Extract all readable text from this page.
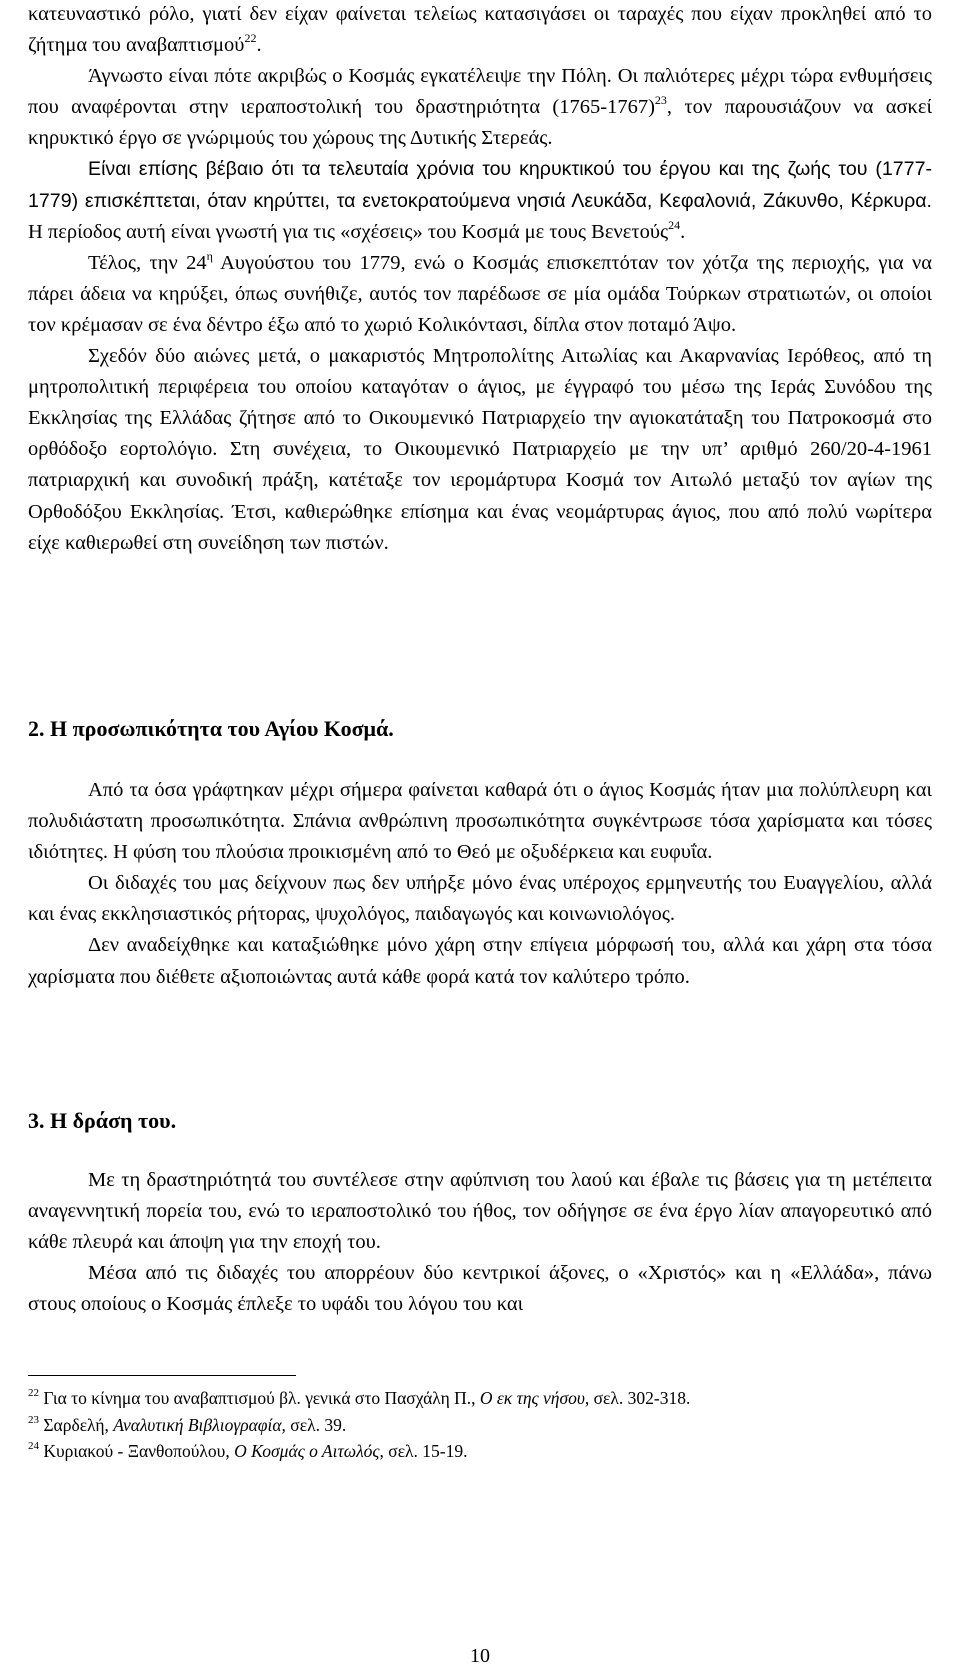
κατευναστικό ρόλο, γιατί δεν είχαν φαίνεται τελείως κατασιγάσει οι ταραχές που είχαν προκληθεί από το ζήτημα του αναβαπτισμού$^{22}$.

Άγνωστο είναι πότε ακριβώς ο Κοσμάς εγκατέλειψε την Πόλη. Οι παλιότερες μέχρι τώρα ενθυμήσεις που αναφέρονται στην ιεραποστολική του δραστηριότητα (1765-1767)$^{23}$, τον παρουσιάζουν να ασκεί κηρυκτικό έργο σε γνώριμούς του χώρους της Δυτικής Στερεάς.

Είναι επίσης βέβαιο ότι τα τελευταία χρόνια του κηρυκτικού του έργου και της ζωής του (1777-1779) επισκέπτεται, όταν κηρύττει, τα ενετοκρατούμενα νησιά Λευκάδα, Κεφαλονιά, Ζάκυνθο, Κέρκυρα. Η περίοδος αυτή είναι γνωστή για τις «σχέσεις» του Κοσμά με τους Βενετούς$^{24}$.

Τέλος, την $24^\eta$ Αυγούστου του 1779, ενώ ο Κοσμάς επισκεπτόταν τον χότζα της περιοχής, για να πάρει άδεια να κηρύξει, όπως συνήθιζε, αυτός τον παρέδωσε σε μία ομάδα Τούρκων στρατιωτών, οι οποίοι τον κρέμασαν σε ένα δέντρο έξω από το χωριό Κολικόντασι, δίπλα στον ποταμό Άψο.

Σχεδόν δύο αιώνες μετά, ο μακαριστός Μητροπολίτης Αιτωλίας και Ακαρνανίας Ιερόθεος, από τη μητροπολιτική περιφέρεια του οποίου καταγόταν ο άγιος, με έγγραφό του μέσω της Ιεράς Συνόδου της Εκκλησίας της Ελλάδας ζήτησε από το Οικουμενικό Πατριαρχείο την αγιοκατάταξη του Πατροκοσμά στο ορθόδοξο εορτολόγιο. Στη συνέχεια, το Οικουμενικό Πατριαρχείο με την υπ’ αριθμό 260/20-4-1961 πατριαρχική και συνοδική πράξη, κατέταξε τον ιερομάρτυρα Κοσμά τον Αιτωλό μεταξύ τον αγίων της Ορθοδόξου Εκκλησίας. Έτσι, καθιερώθηκε επίσημα και ένας νεομάρτυρας άγιος, που από πολύ νωρίτερα είχε καθιερωθεί στη συνείδηση των πιστών.

2. Η προσωπικότητα του Αγίου Κοσμά.

Από τα όσα γράφτηκαν μέχρι σήμερα φαίνεται καθαρά ότι ο άγιος Κοσμάς ήταν μια πολύπλευρη και πολυδιάστατη προσωπικότητα. Σπάνια ανθρώπινη προσωπικότητα συγκέντρωσε τόσα χαρίσματα και τόσες ιδιότητες. Η φύση του πλούσια προικισμένη από το Θεό με οξυδέρκεια και ευφυΐα.

Οι διδαχές του μας δείχνουν πως δεν υπήρξε μόνο ένας υπέροχος ερμηνευτής του Ευαγγελίου, αλλά και ένας εκκλησιαστικός ρήτορας, ψυχολόγος, παιδαγωγός και κοινωνιολόγος.

Δεν αναδείχθηκε και καταξιώθηκε μόνο χάρη στην επίγεια μόρφωσή του, αλλά και χάρη στα τόσα χαρίσματα που διέθετε αξιοποιώντας αυτά κάθε φορά κατά τον καλύτερο τρόπο.

3. Η δράση του.

Με τη δραστηριότητά του συντέλεσε στην αφύπνιση του λαού και έβαλε τις βάσεις για τη μετέπειτα αναγεννητική πορεία του, ενώ το ιεραποστολικό του ήθος, τον οδήγησε σε ένα έργο λίαν απαγορευτικό από κάθε πλευρά και άποψη για την εποχή του.

Μέσα από τις διδαχές του απορρέουν δύο κεντρικοί άξονες, ο «Χριστός» και η «Ελλάδα», πάνω στους οποίους ο Κοσμάς έπλεξε το υφάδι του λόγου του και

$^{22}$ Για το κίνημα του αναβαπτισμού βλ. γενικά στο Πασχάλη Π., Ο εκ της νήσου, σελ. 302-318.

$^{23}$ Σαρδελή, Αναλυτική Βιβλιογραφία, σελ. 39.

$^{24}$ Κυριακού - Ξανθοπούλου, Ο Κοσμάς ο Αιτωλός, σελ. 15-19.

10
